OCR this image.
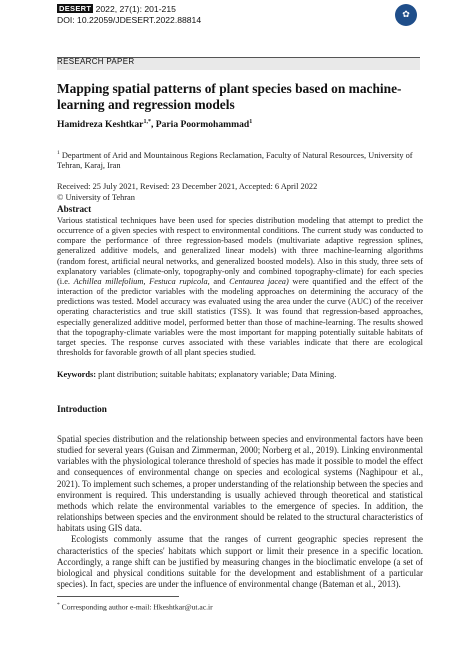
DESERT 2022, 27(1): 201-215
DOI: 10.22059/JDESERT.2022.88814	✿
RESEARCH PAPER
Mapping spatial patterns of plant species based on machine-learning and regression models
Hamidreza Keshtkar$^{1,*}$, Paria Poormohammad$^1$
$^1$ Department of Arid and Mountainous Regions Reclamation, Faculty of Natural Resources, University of Tehran, Karaj, Iran
Received: 25 July 2021, Revised: 23 December 2021, Accepted: 6 April 2022
© University of Tehran
Abstract
Various statistical techniques have been used for species distribution modeling that attempt to predict the occurrence of a given species with respect to environmental conditions. The current study was conducted to compare the performance of three regression-based models (multivariate adaptive regression splines, generalized additive models, and generalized linear models) with three machine-learning algorithms (random forest, artificial neural networks, and generalized boosted models). Also in this study, three sets of explanatory variables (climate-only, topography-only and combined topography-climate) for each species (i.e. Achillea millefolium, Festuca rupicola, and Centaurea jacea) were quantified and the effect of the interaction of the predictor variables with the modeling approaches on determining the accuracy of the predictions was tested. Model accuracy was evaluated using the area under the curve (AUC) of the receiver operating characteristics and true skill statistics (TSS). It was found that regression-based approaches, especially generalized additive model, performed better than those of machine-learning. The results showed that the topography-climate variables were the most important for mapping potentially suitable habitats of target species. The response curves associated with these variables indicate that there are ecological thresholds for favorable growth of all plant species studied.
Keywords: plant distribution; suitable habitats; explanatory variable; Data Mining.
Introduction

Spatial species distribution and the relationship between species and environmental factors have been studied for several years (Guisan and Zimmerman, 2000; Norberg et al., 2019). Linking environmental variables with the physiological tolerance threshold of species has made it possible to model the effect and consequences of environmental change on species and ecological systems (Naghipour et al., 2021). To implement such schemes, a proper understanding of the relationship between the species and environment is required. This understanding is usually achieved through theoretical and statistical methods which relate the environmental variables to the emergence of species. In addition, the relationships between species and the environment should be related to the structural characteristics of habitats using GIS data.

Ecologists commonly assume that the ranges of current geographic species represent the characteristics of the species' habitats which support or limit their presence in a specific location. Accordingly, a range shift can be justified by measuring changes in the bioclimatic envelope (a set of biological and physical conditions suitable for the development and establishment of a particular species). In fact, species are under the influence of environmental change (Bateman et al., 2013).

* Corresponding author e-mail: Hkeshtkar@ut.ac.ir
